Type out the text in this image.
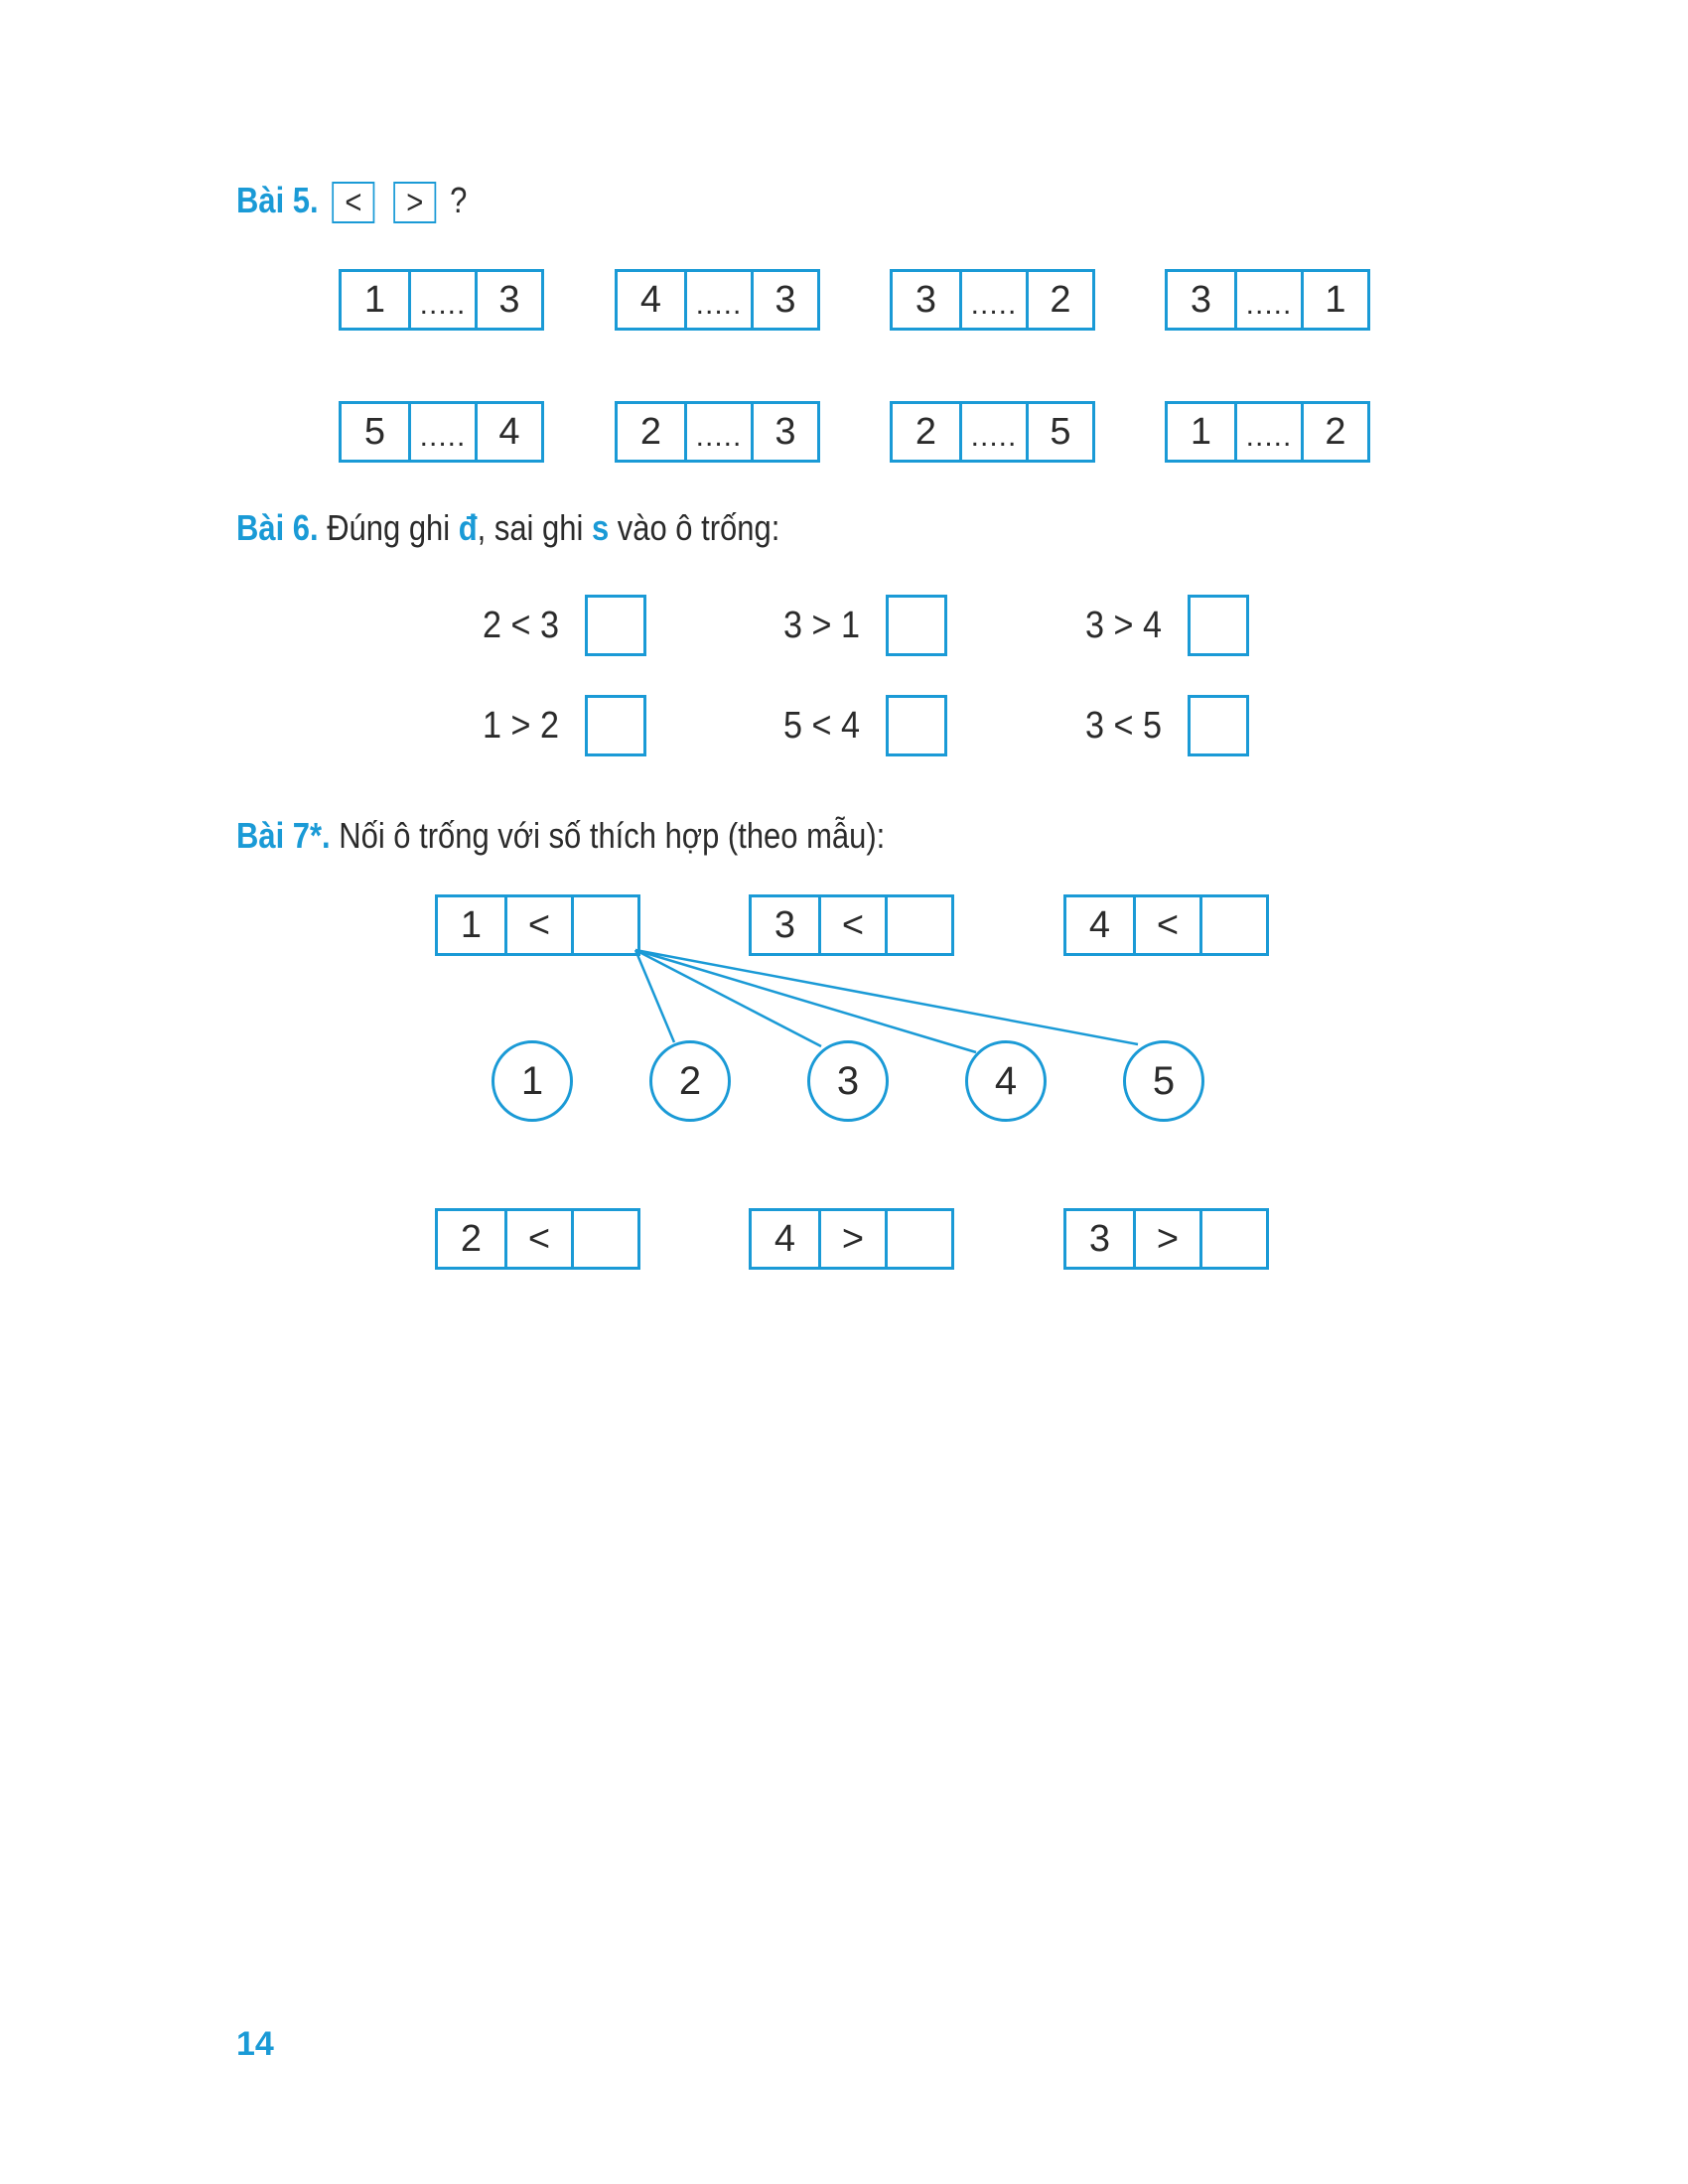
Bài 5. < > ?
1	..... 3	4	..... 3	3	..... 2	3	..... 1
5	..... 4	2	..... 3	2	..... 5	1	..... 2
Bài 6. Đúng ghi đ, sai ghi s vào ô trống:
2 < 3	3 > 1	3 > 4
1 > 2	5 < 4	3 < 5
Bài 7*. Nối ô trống với số thích hợp (theo mẫu):
1	<	3	<	4	<
1	2	3	4	5
2	<	4	>	3	>
14
